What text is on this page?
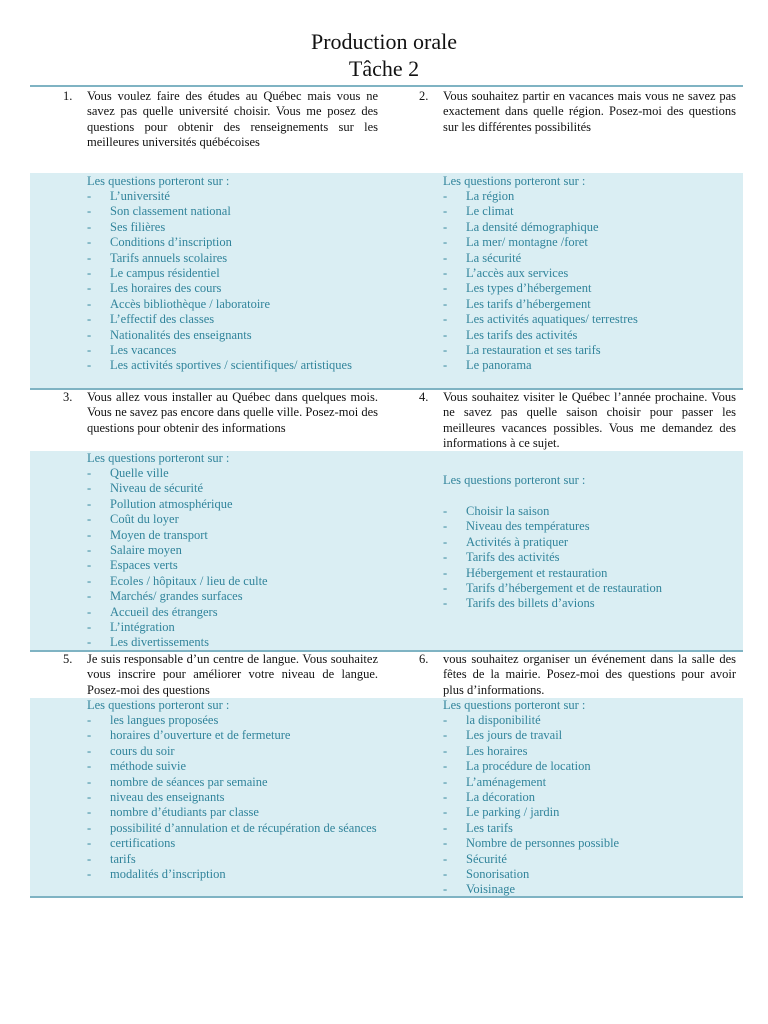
Production orale
Tâche 2
1. Vous voulez faire des études au Québec mais vous ne savez pas quelle université choisir. Vous me posez des questions pour obtenir des renseignements sur les meilleures universités québécoises
2. Vous souhaitez partir en vacances mais vous ne savez pas exactement dans quelle région. Posez-moi des questions sur les différentes possibilités
Les questions porteront sur :
- L’université
- Son classement national
- Ses filières
- Conditions d’inscription
- Tarifs annuels scolaires
- Le campus résidentiel
- Les horaires des cours
- Accès bibliothèque / laboratoire
- L’effectif des classes
- Nationalités des enseignants
- Les vacances
- Les activités sportives / scientifiques/ artistiques
Les questions porteront sur :
- La région
- Le climat
- La densité démographique
- La mer/ montagne /foret
- La sécurité
- L’accès aux services
- Les types d’hébergement
- Les tarifs d’hébergement
- Les activités aquatiques/ terrestres
- Les tarifs des activités
- La restauration et ses tarifs
- Le panorama
3. Vous allez vous installer au Québec dans quelques mois. Vous ne savez pas encore dans quelle ville. Posez-moi des questions pour obtenir des informations
4. Vous souhaitez visiter le Québec l’année prochaine. Vous ne savez pas quelle saison choisir pour passer les meilleures vacances possibles. Vous me demandez des informations à ce sujet.
Les questions porteront sur :
- Quelle ville
- Niveau de sécurité
- Pollution atmosphérique
- Coût du loyer
- Moyen de transport
- Salaire moyen
- Espaces verts
- Ecoles / hôpitaux / lieu de culte
- Marchés/ grandes surfaces
- Accueil des étrangers
- L’intégration
- Les divertissements
Les questions porteront sur :
- Choisir la saison
- Niveau des températures
- Activités à pratiquer
- Tarifs des activités
- Hébergement et restauration
- Tarifs d’hébergement et de restauration
- Tarifs des billets d’avions
5. Je suis responsable d’un centre de langue. Vous souhaitez vous inscrire pour améliorer votre niveau de langue. Posez-moi des questions
6. vous souhaitez organiser un événement dans la salle des fêtes de la mairie. Posez-moi des questions pour avoir plus d’informations.
Les questions porteront sur :
- les langues proposées
- horaires d’ouverture et de fermeture
- cours du soir
- méthode suivie
- nombre de séances par semaine
- niveau des enseignants
- nombre d’étudiants par classe
- possibilité d’annulation et de récupération de séances
- certifications
- tarifs
- modalités d’inscription
Les questions porteront sur :
- la disponibilité
- Les jours de travail
- Les horaires
- La procédure de location
- L’aménagement
- La décoration
- Le parking / jardin
- Les tarifs
- Nombre de personnes possible
- Sécurité
- Sonorisation
- Voisinage
